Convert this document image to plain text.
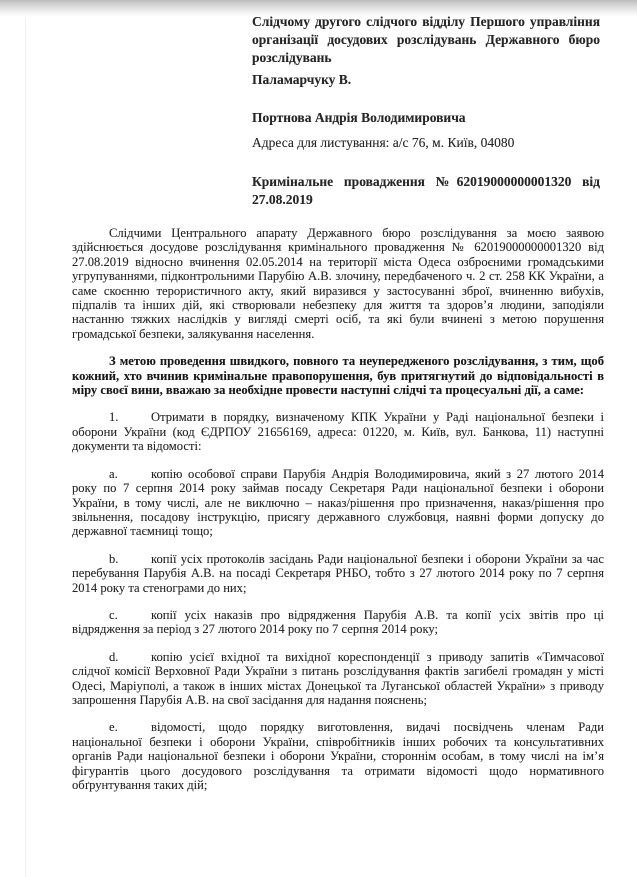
Слідчому другого слідчого відділу Першого управління організації досудових розслідувань Державного бюро розслідувань

Паламарчуку В.

Портнова Андрія Володимировича

Адреса для листування: а/с 76, м. Київ, 04080

Кримінальне провадження №62019000000001320 від 27.08.2019

Слідчими Центрального апарату Державного бюро розслідування за моєю заявою здійснюється досудове розслідування кримінального провадження № 62019000000001320 від 27.08.2019 відносно вчинення 02.05.2014 на території міста Одеса озброєними громадськими угрупуваннями, підконтрольними Парубію А.В. злочину, передбаченого ч. 2 ст. 258 КК України, а саме скоєнню терористичного акту, який виразився у застосуванні зброї, вчиненню вибухів, підпалів та інших дій, які створювали небезпеку для життя та здоров’я людини, заподіяли настанню тяжких наслідків у вигляді смерті осіб, та які були вчинені з метою порушення громадської безпеки, залякування населення.

З метою проведення швидкого, повного та неупередженого розслідування, з тим, щоб кожний, хто вчинив кримінальне правопорушення, був притягнутий до відповідальності в міру своєї вини, вважаю за необхідне провести наступні слідчі та процесуальні дії, а саме:

1.	Отримати в порядку, визначеному КПК України у Раді національної безпеки і оборони України (код ЄДРПОУ 21656169, адреса: 01220, м. Київ, вул. Банкова, 11) наступні документи та відомості:

a.	копію особової справи Парубія Андрія Володимировича, який з 27 лютого 2014 року по 7 серпня 2014 року займав посаду Секретаря Ради національної безпеки і оборони України, в тому числі, але не виключно – наказ/рішення про призначення, наказ/рішення про звільнення, посадову інструкцію, присягу державного службовця, наявні форми допуску до державної таємниці тощо;

b.	копії усіх протоколів засідань Ради національної безпеки і оборони України за час перебування Парубія А.В. на посаді Секретаря РНБО, тобто з 27 лютого 2014 року по 7 серпня 2014 року та стенограми до них;

c.	копії усіх наказів про відрядження Парубія А.В. та копії усіх звітів про ці відрядження за період з 27 лютого 2014 року по 7 серпня 2014 року;

d.	копію усієї вхідної та вихідної кореспонденції з приводу запитів «Тимчасової слідчої комісії Верховної Ради України з питань розслідування фактів загибелі громадян у місті Одесі, Маріуполі, а також в інших містах Донецької та Луганської областей України» з приводу запрошення Парубія А.В. на свої засідання для надання пояснень;

e.	відомості, щодо порядку виготовлення, видачі посвідчень членам Ради національної безпеки і оборони України, співробітників інших робочих та консультативних органів Ради національної безпеки і оборони України, стороннім особам, в тому числі на ім’я фігурантів цього досудового розслідування та отримати відомості щодо нормативного обґрунтування таких дій;
